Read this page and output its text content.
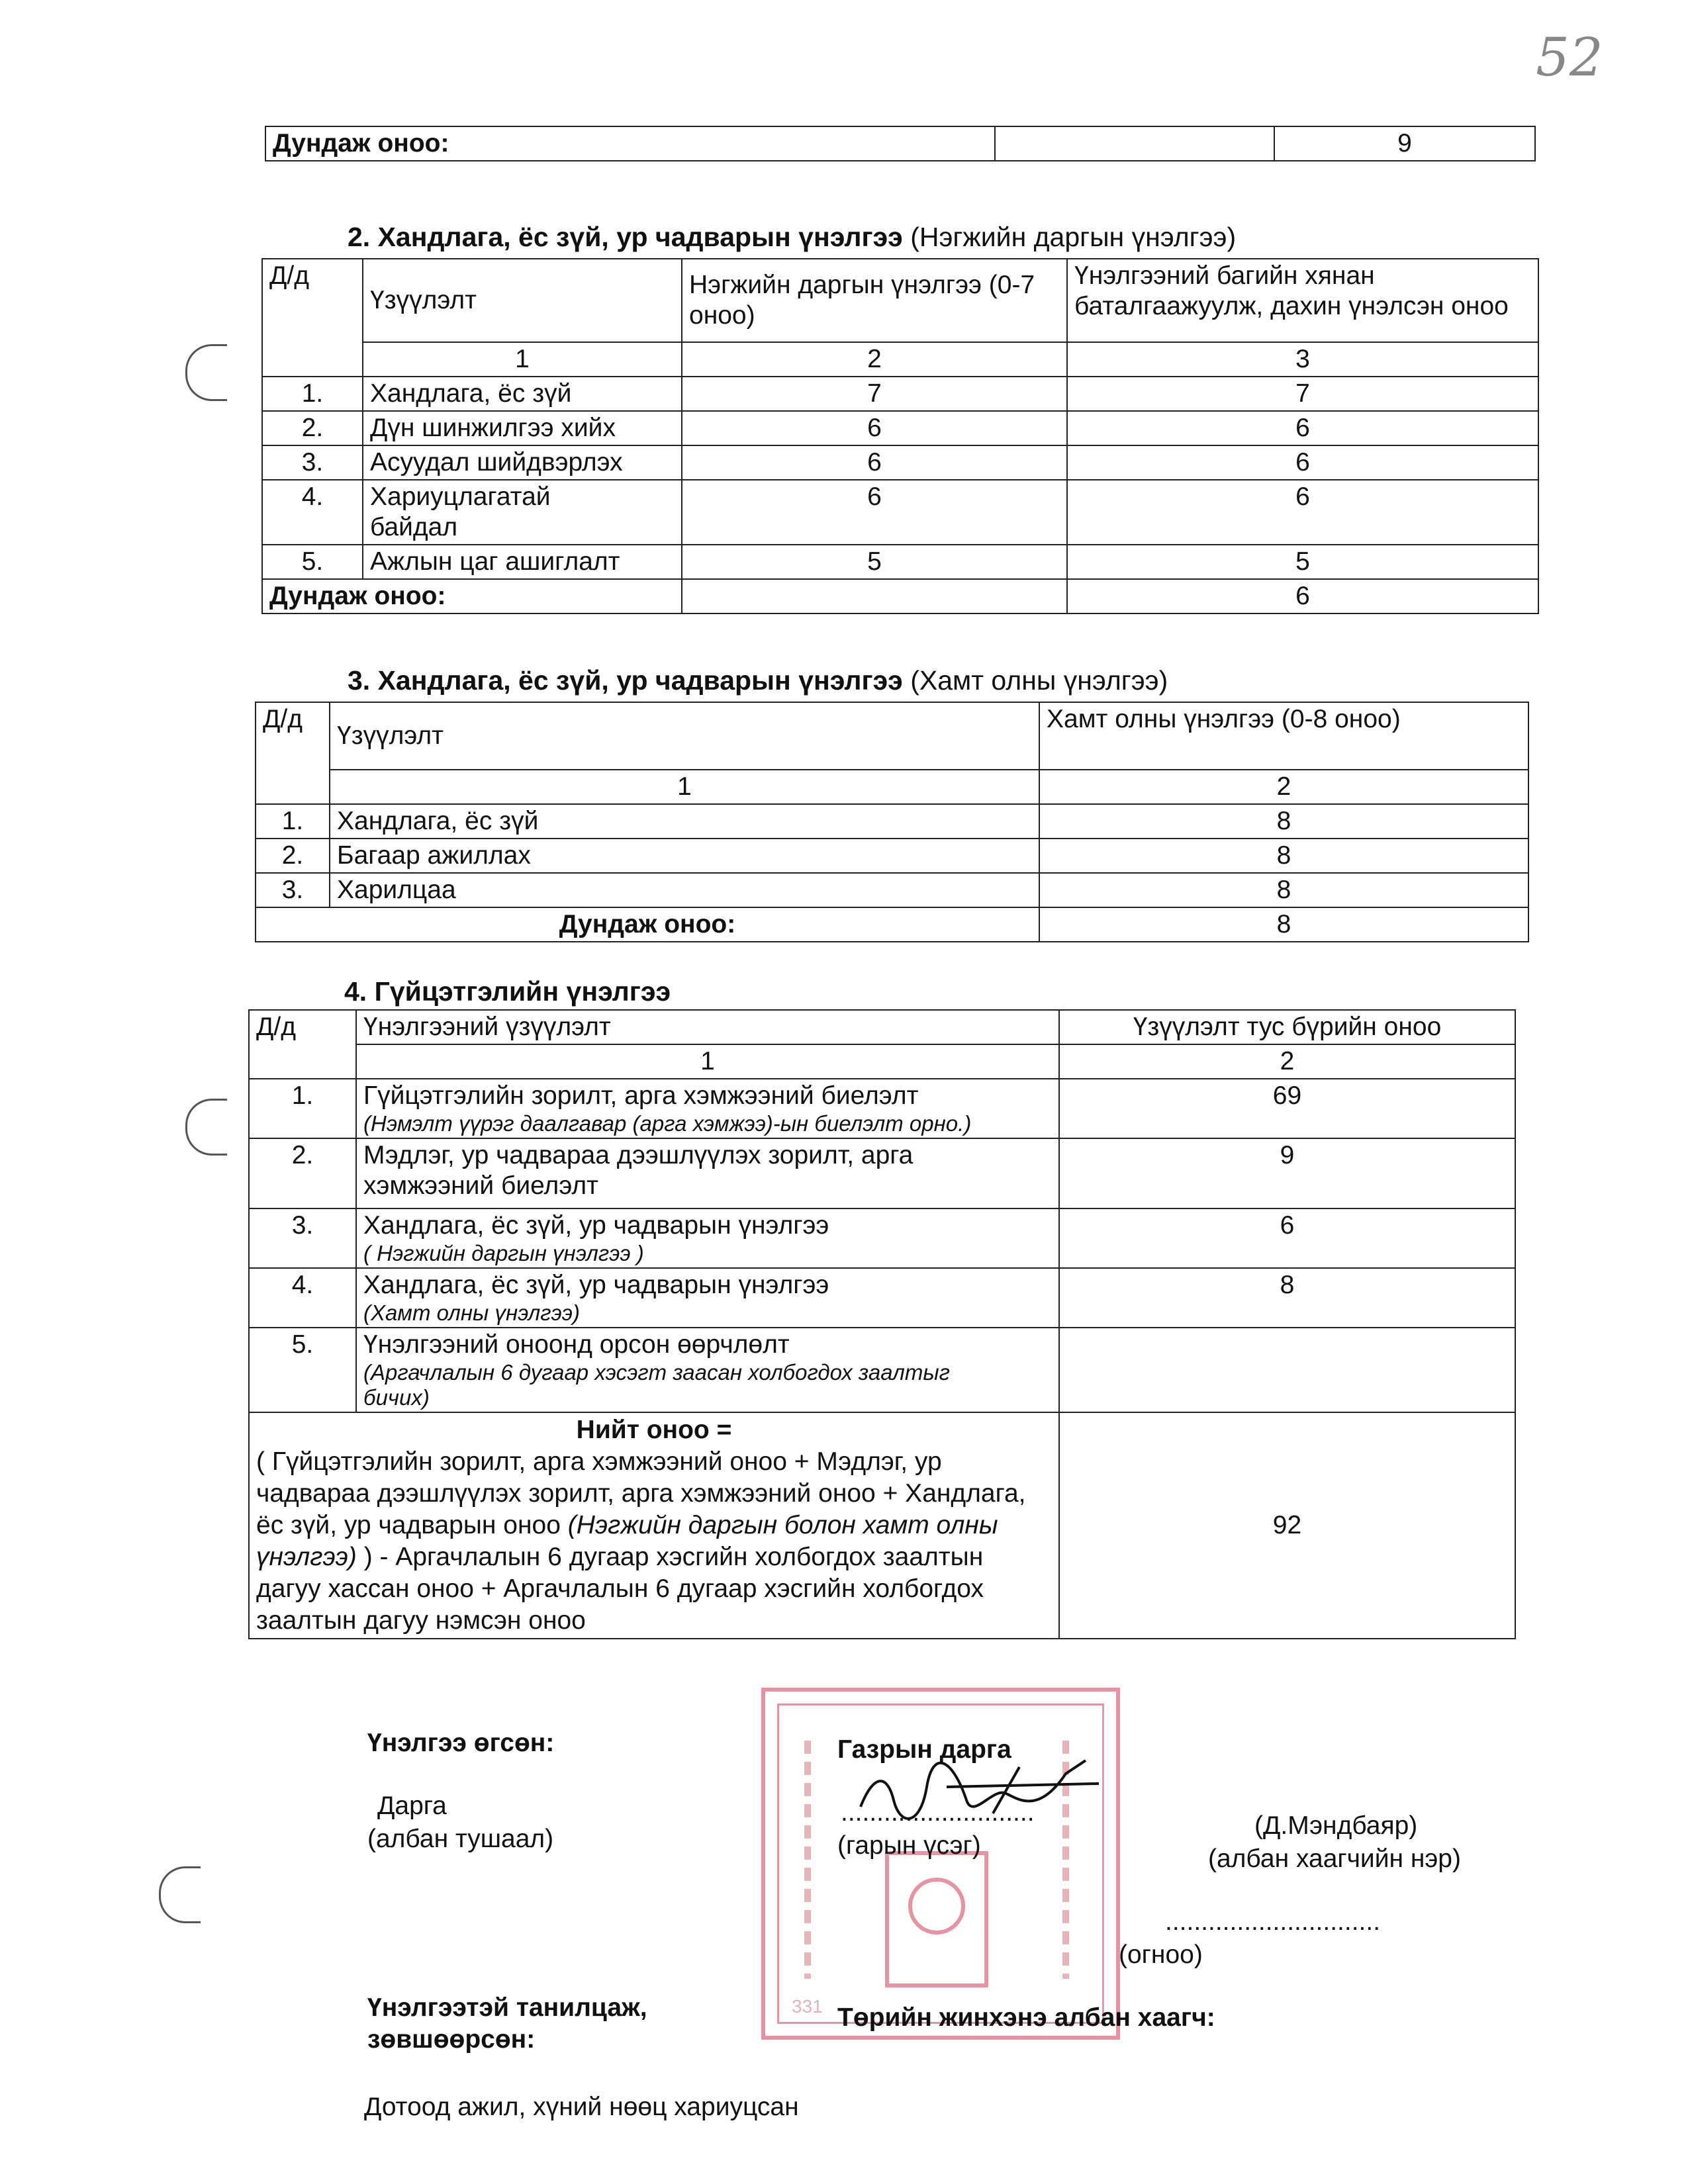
52
Дундаж оноо:		9
2. Хандлага, ёс зүй, ур чадварын үнэлгээ (Нэгжийн даргын үнэлгээ)
Д/д	Үзүүлэлт	Нэгжийн даргын үнэлгээ (0-7 оноо)	Үнэлгээний багийн хянан баталгаажуулж, дахин үнэлсэн оноо
	1	2	3
1.	Хандлага, ёс зүй	7	7
2.	Дүн шинжилгээ хийх	6	6
3.	Асуудал шийдвэрлэх	6	6
4.	Хариуцлагатай байдал	6	6
5.	Ажлын цаг ашиглалт	5	5
Дундаж оноо:			6
3. Хандлага, ёс зүй, ур чадварын үнэлгээ (Хамт олны үнэлгээ)
Д/д	Үзүүлэлт	Хамт олны үнэлгээ (0-8 оноо)
	1	2
1.	Хандлага, ёс зүй	8
2.	Багаар ажиллах	8
3.	Харилцаа	8
Дундаж оноо:		8
4. Гүйцэтгэлийн үнэлгээ
Д/д	Үнэлгээний үзүүлэлт	Үзүүлэлт тус бүрийн оноо
	1	2
1.	Гүйцэтгэлийн зорилт, арга хэмжээний биелэлт
(Нэмэлт үүрэг даалгавар (арга хэмжээ)-ын биелэлт орно.)	69
2.	Мэдлэг, ур чадвараа дээшлүүлэх зорилт, арга хэмжээний биелэлт	9
3.	Хандлага, ёс зүй, ур чадварын үнэлгээ
( Нэгжийн даргын үнэлгээ )	6
4.	Хандлага, ёс зүй, ур чадварын үнэлгээ
(Хамт олны үнэлгээ)	8
5.	Үнэлгээний оноонд орсон өөрчлөлт
(Аргачлалын 6 дугаар хэсэгт заасан холбогдох заалтыг бичих)	

Нийт оноо =
( Гүйцэтгэлийн зорилт, арга хэмжээний оноо + Мэдлэг, ур чадвараа дээшлүүлэх зорилт, арга хэмжээний оноо + Хандлага, ёс зүй, ур чадварын оноо (Нэгжийн даргын болон хамт олны үнэлгээ) ) - Аргачлалын 6 дугаар хэсгийн холбогдох заалтын дагуу хассан оноо + Аргачлалын 6 дугаар хэсгийн холбогдох заалтын дагуу нэмсэн оноо		92
331
Үнэлгээ өгсөн:
Дарга
(албан тушаал)
Газрын дарга
...........................
(гарын үсэг)
(Д.Мэндбаяр)
(албан хаагчийн нэр)
..............................
(огноо)
Үнэлгээтэй танилцаж, зөвшөөрсөн:
Төрийн жинхэнэ албан хаагч:
Дотоод ажил, хүний нөөц хариуцсан
